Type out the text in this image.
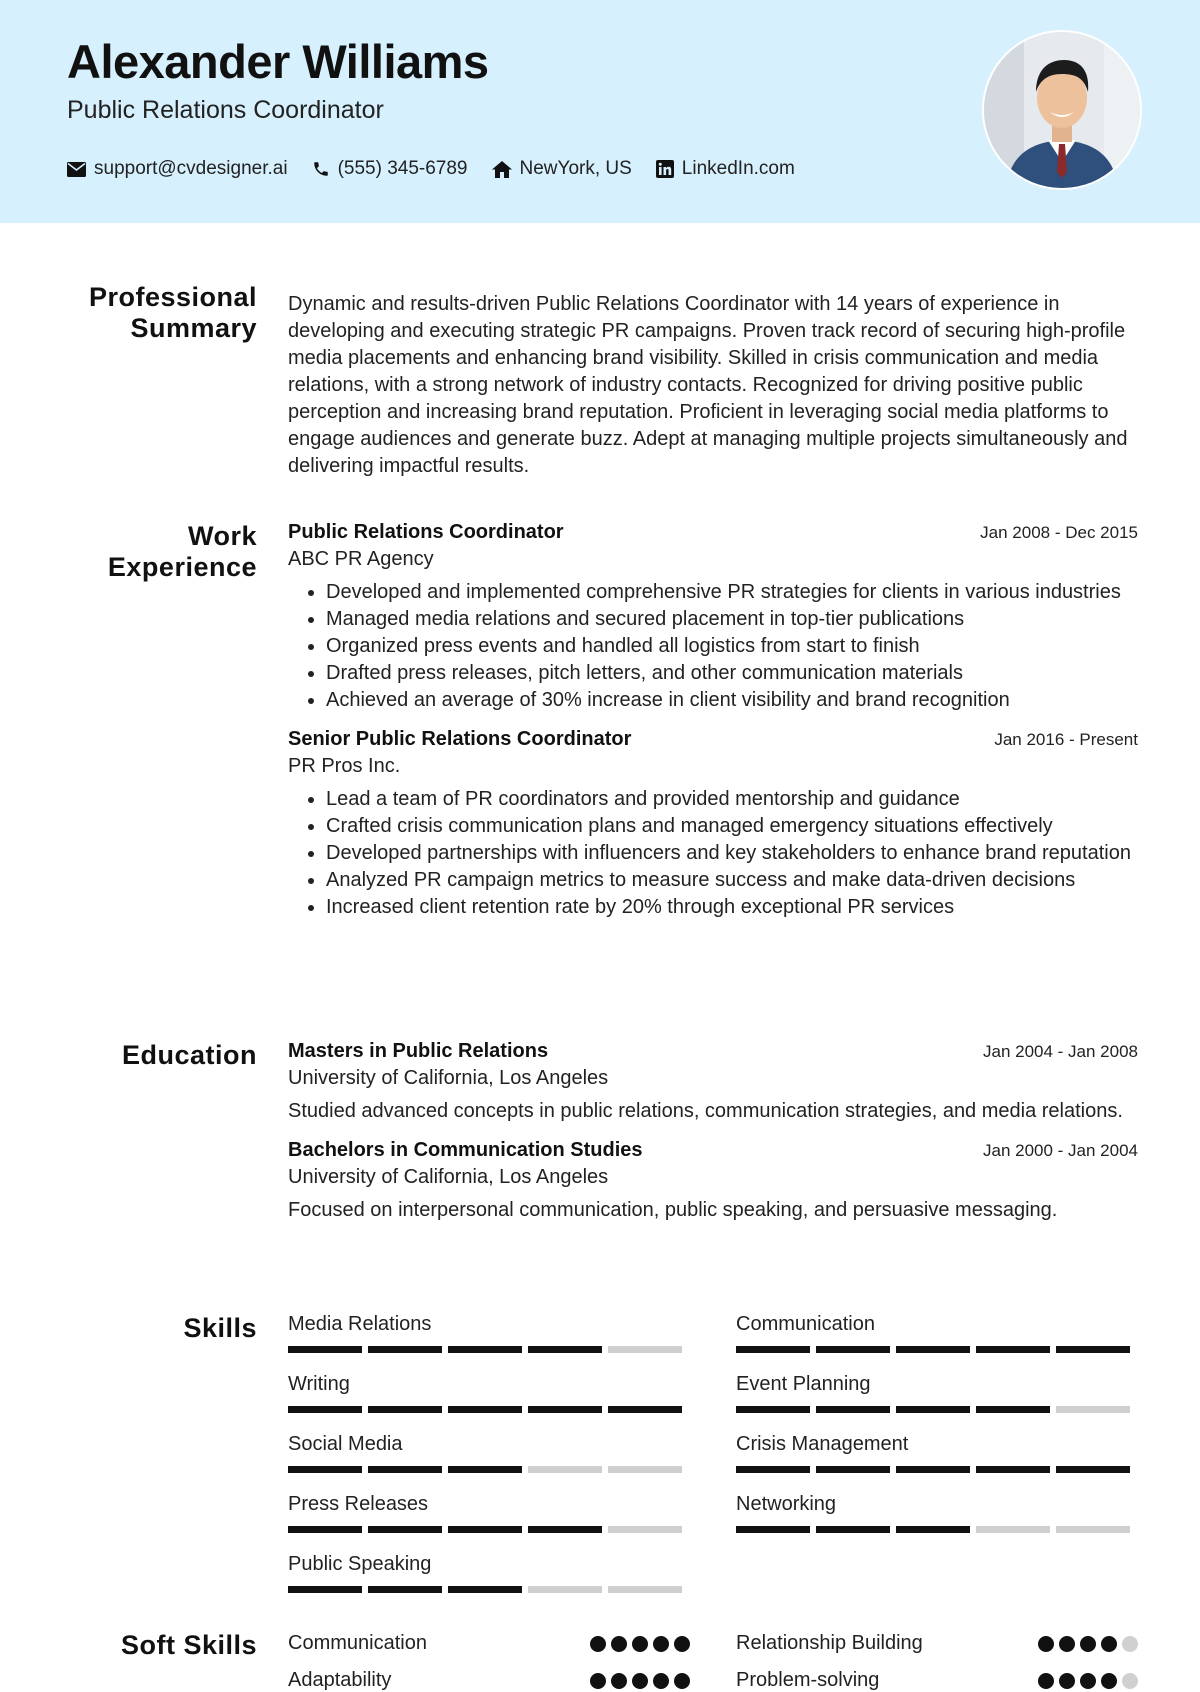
Alexander Williams
Public Relations Coordinator
support@cvdesigner.ai	(555) 345-6789	NewYork, US	LinkedIn.com
Professional
Summary
Dynamic and results-driven Public Relations Coordinator with 14 years of experience in developing and executing strategic PR campaigns. Proven track record of securing high-profile media placements and enhancing brand visibility. Skilled in crisis communication and media relations, with a strong network of industry contacts. Recognized for driving positive public perception and increasing brand reputation. Proficient in leveraging social media platforms to engage audiences and generate buzz. Adept at managing multiple projects simultaneously and delivering impactful results.
Work
Experience
Public Relations Coordinator	Jan 2008 - Dec 2015
ABC PR Agency
• Developed and implemented comprehensive PR strategies for clients in various industries
• Managed media relations and secured placement in top-tier publications
• Organized press events and handled all logistics from start to finish
• Drafted press releases, pitch letters, and other communication materials
• Achieved an average of 30% increase in client visibility and brand recognition
Senior Public Relations Coordinator	Jan 2016 - Present
PR Pros Inc.
• Lead a team of PR coordinators and provided mentorship and guidance
• Crafted crisis communication plans and managed emergency situations effectively
• Developed partnerships with influencers and key stakeholders to enhance brand reputation
• Analyzed PR campaign metrics to measure success and make data-driven decisions
• Increased client retention rate by 20% through exceptional PR services
Education Masters in Public Relations	Jan 2004 - Jan 2008
University of California, Los Angeles
Studied advanced concepts in public relations, communication strategies, and media relations.
Bachelors in Communication Studies	Jan 2000 - Jan 2004
University of California, Los Angeles
Focused on interpersonal communication, public speaking, and persuasive messaging.
Skills Media Relations	Communication
Writing	Event Planning
Social Media	Crisis Management
Press Releases	Networking
Public Speaking
Soft Skills Communication	Relationship Building
Adaptability	Problem-solving
